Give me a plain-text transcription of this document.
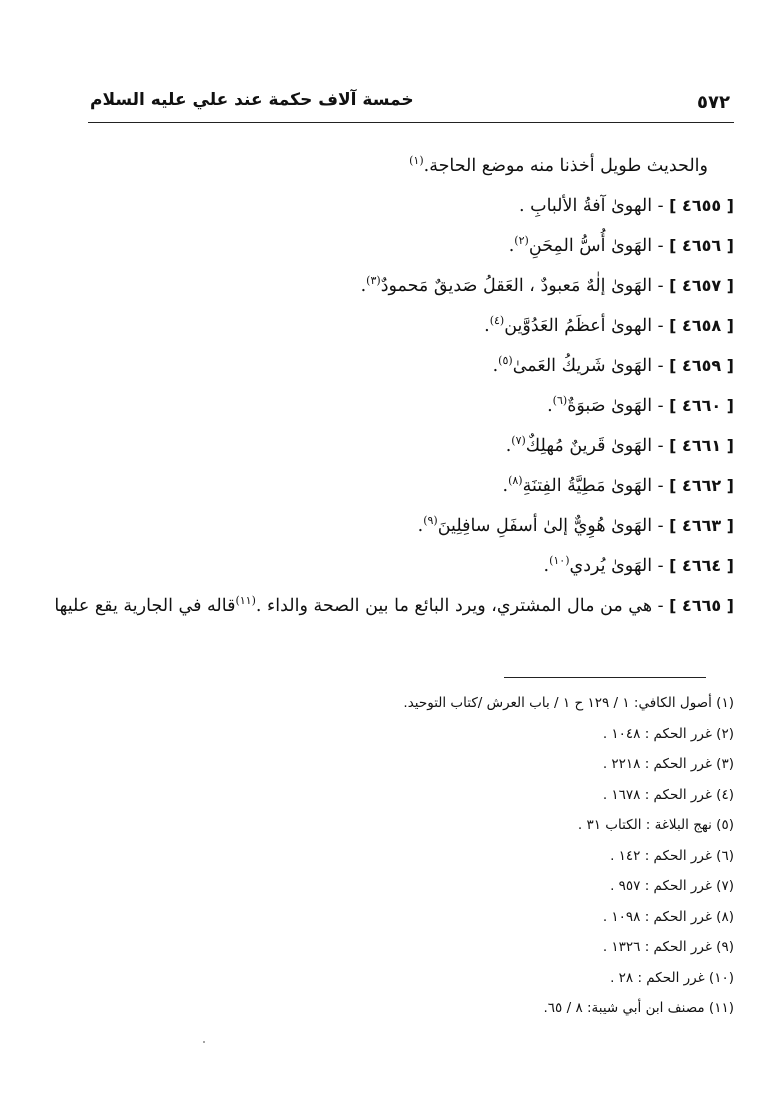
٥٧٢
خمسة آلاف حكمة عند علي عليه السلام
والحديث طويل أخذنا منه موضع الحاجة.$^{(١)}$
[ ٤٦٥٥ ] - الهوىٰ آفةُ الألبابِ .
[ ٤٦٥٦ ] - الهَوىٰ أُسُّ المِحَنِ$^{(٢)}$.
[ ٤٦٥٧ ] - الهَوىٰ إلٰهٌ مَعبودٌ ، العَقلُ صَديقٌ مَحمودٌ$^{(٣)}$.
[ ٤٦٥٨ ] - الهوىٰ أعظَمُ العَدُوَّين$^{(٤)}$.
[ ٤٦٥٩ ] - الهَوىٰ شَريكُ العَمىٰ$^{(٥)}$.
[ ٤٦٦٠ ] - الهَوىٰ صَبوَةٌ$^{(٦)}$.
[ ٤٦٦١ ] - الهَوىٰ قَرينٌ مُهلِكٌ$^{(٧)}$.
[ ٤٦٦٢ ] - الهَوىٰ مَطِيَّةُ الفِتنَةِ$^{(٨)}$.
[ ٤٦٦٣ ] - الهَوىٰ هُوِيٌّ إلىٰ أسفَلِ سافِلِينَ$^{(٩)}$.
[ ٤٦٦٤ ] - الهَوىٰ يُردي$^{(١٠)}$.
[ ٤٦٦٥ ] - هي من مال المشتري، ويرد البائع ما بين الصحة والداء .$^{(١١)}$قاله في الجارية يقع عليها
(١) أصول الكافي: ١ / ١٢٩ ح ١ / باب العرش /كتاب التوحيد.
(٢) غرر الحكم : ١٠٤٨ .
(٣) غرر الحكم : ٢٢١٨ .
(٤) غرر الحكم : ١٦٧٨ .
(٥) نهج البلاغة : الكتاب ٣١ .
(٦) غرر الحكم : ١٤٢ .
(٧) غرر الحكم : ٩٥٧ .
(٨) غرر الحكم : ١٠٩٨ .
(٩) غرر الحكم : ١٣٢٦ .
(١٠) غرر الحكم : ٢٨ .
(١١) مصنف ابن أبي شيبة: ٨ / ٦٥.
